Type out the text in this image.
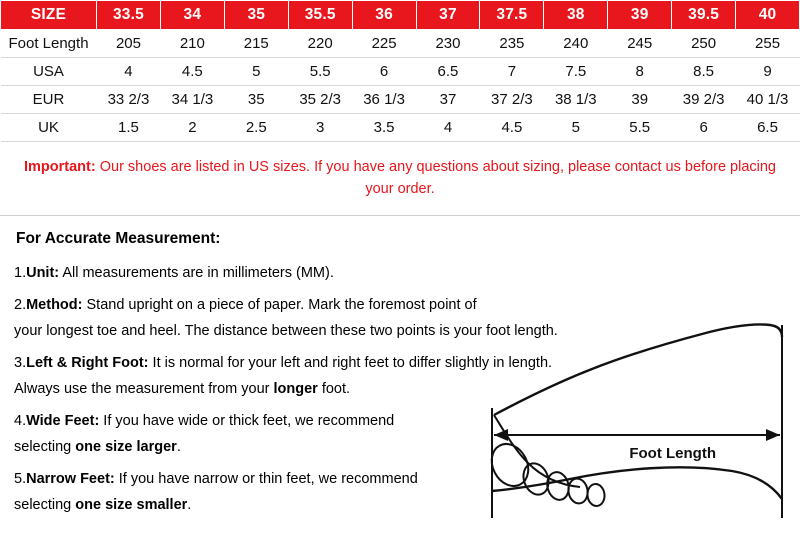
SIZE	33.5	34	35	35.5	36	37	37.5	38	39	39.5	40
Foot Length	205	210	215	220	225	230	235	240	245	250	255
USA	4	4.5	5	5.5	6	6.5	7	7.5	8	8.5	9
EUR	33 2/3	34 1/3	35	35 2/3	36 1/3	37	37 2/3	38 1/3	39	39 2/3	40 1/3
UK	1.5	2	2.5	3	3.5	4	4.5	5	5.5	6	6.5
Important: Our shoes are listed in US sizes. If you have any questions about sizing, please contact us before placing your order.
For Accurate Measurement:
1.Unit: All measurements are in millimeters (MM).
2.Method: Stand upright on a piece of paper. Mark the foremost point of
your longest toe and heel. The distance between these two points is your foot length.
3.Left & Right Foot: It is normal for your left and right feet to differ slightly in length.
Always use the measurement from your longer foot.
4.Wide Feet: If you have wide or thick feet, we recommend
selecting one size larger.
5.Narrow Feet: If you have narrow or thin feet, we recommend
selecting one size smaller.
Foot Length
